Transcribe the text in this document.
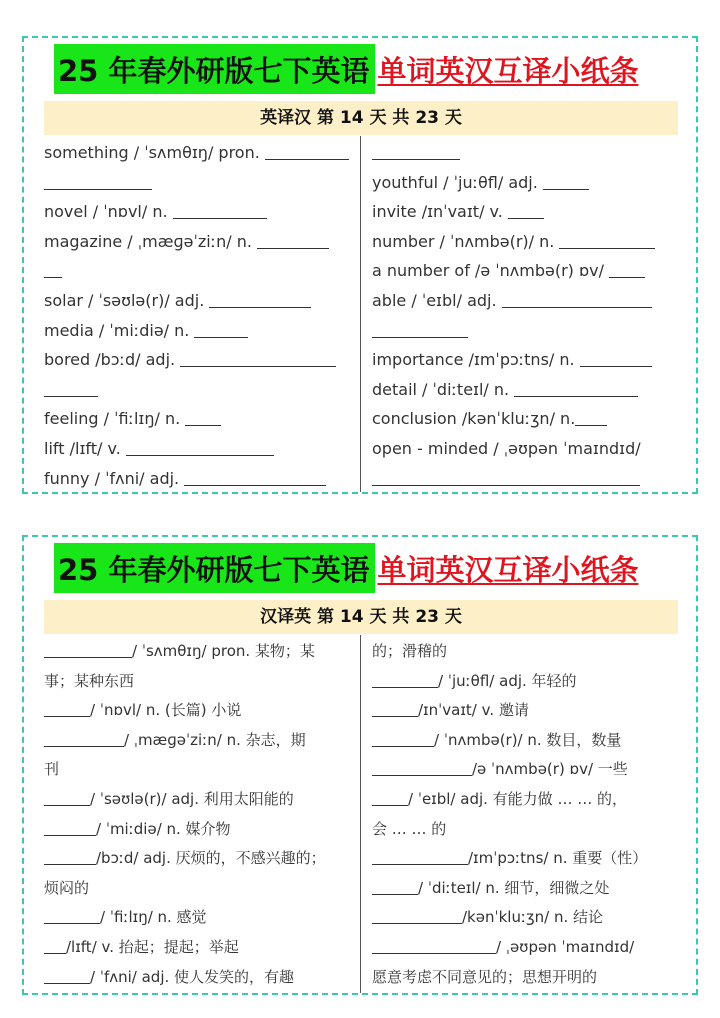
25 年春外研版七下英语 单词英汉互译小纸条
英译汉 第 14 天 共 23 天
something / ˈsʌmθɪŋ/ pron.
novel / ˈnɒvl/ n.
magazine / ˌmæɡəˈziːn/ n.
solar / ˈsəʊlə(r)/ adj.
media / ˈmiːdiə/ n.
bored /bɔːd/ adj.
feeling / ˈfiːlɪŋ/ n.
lift /lɪft/ v.
funny / ˈfʌni/ adj.
youthful / ˈjuːθfl/ adj.
invite /ɪnˈvaɪt/ v.
number / ˈnʌmbə(r)/ n.
a number of /ə ˈnʌmbə(r) ɒv/
able / ˈeɪbl/ adj.
importance /ɪmˈpɔːtns/ n.
detail / ˈdiːteɪl/ n.
conclusion /kənˈkluːʒn/ n.
open - minded / ˌəʊpən ˈmaɪndɪd/
25 年春外研版七下英语 单词英汉互译小纸条
汉译英 第 14 天 共 23 天
/ ˈsʌmθɪŋ/ pron. 某物；某
事；某种东西
/ ˈnɒvl/ n. (长篇) 小说
/ ˌmæɡəˈziːn/ n. 杂志，期
刊
/ ˈsəʊlə(r)/ adj. 利用太阳能的
/ ˈmiːdiə/ n. 媒介物
/bɔːd/ adj. 厌烦的，不感兴趣的；
烦闷的
/ ˈfiːlɪŋ/ n. 感觉
/lɪft/ v. 抬起；提起；举起
/ ˈfʌni/ adj. 使人发笑的，有趣
的；滑稽的
/ ˈjuːθfl/ adj. 年轻的
/ɪnˈvaɪt/ v. 邀请
/ ˈnʌmbə(r)/ n. 数目，数量
/ə ˈnʌmbə(r) ɒv/ 一些
/ ˈeɪbl/ adj. 有能力做 … … 的，
会 … … 的
/ɪmˈpɔːtns/ n. 重要（性）
/ ˈdiːteɪl/ n. 细节，细微之处
/kənˈkluːʒn/ n. 结论
/ ˌəʊpən ˈmaɪndɪd/
愿意考虑不同意见的；思想开明的
